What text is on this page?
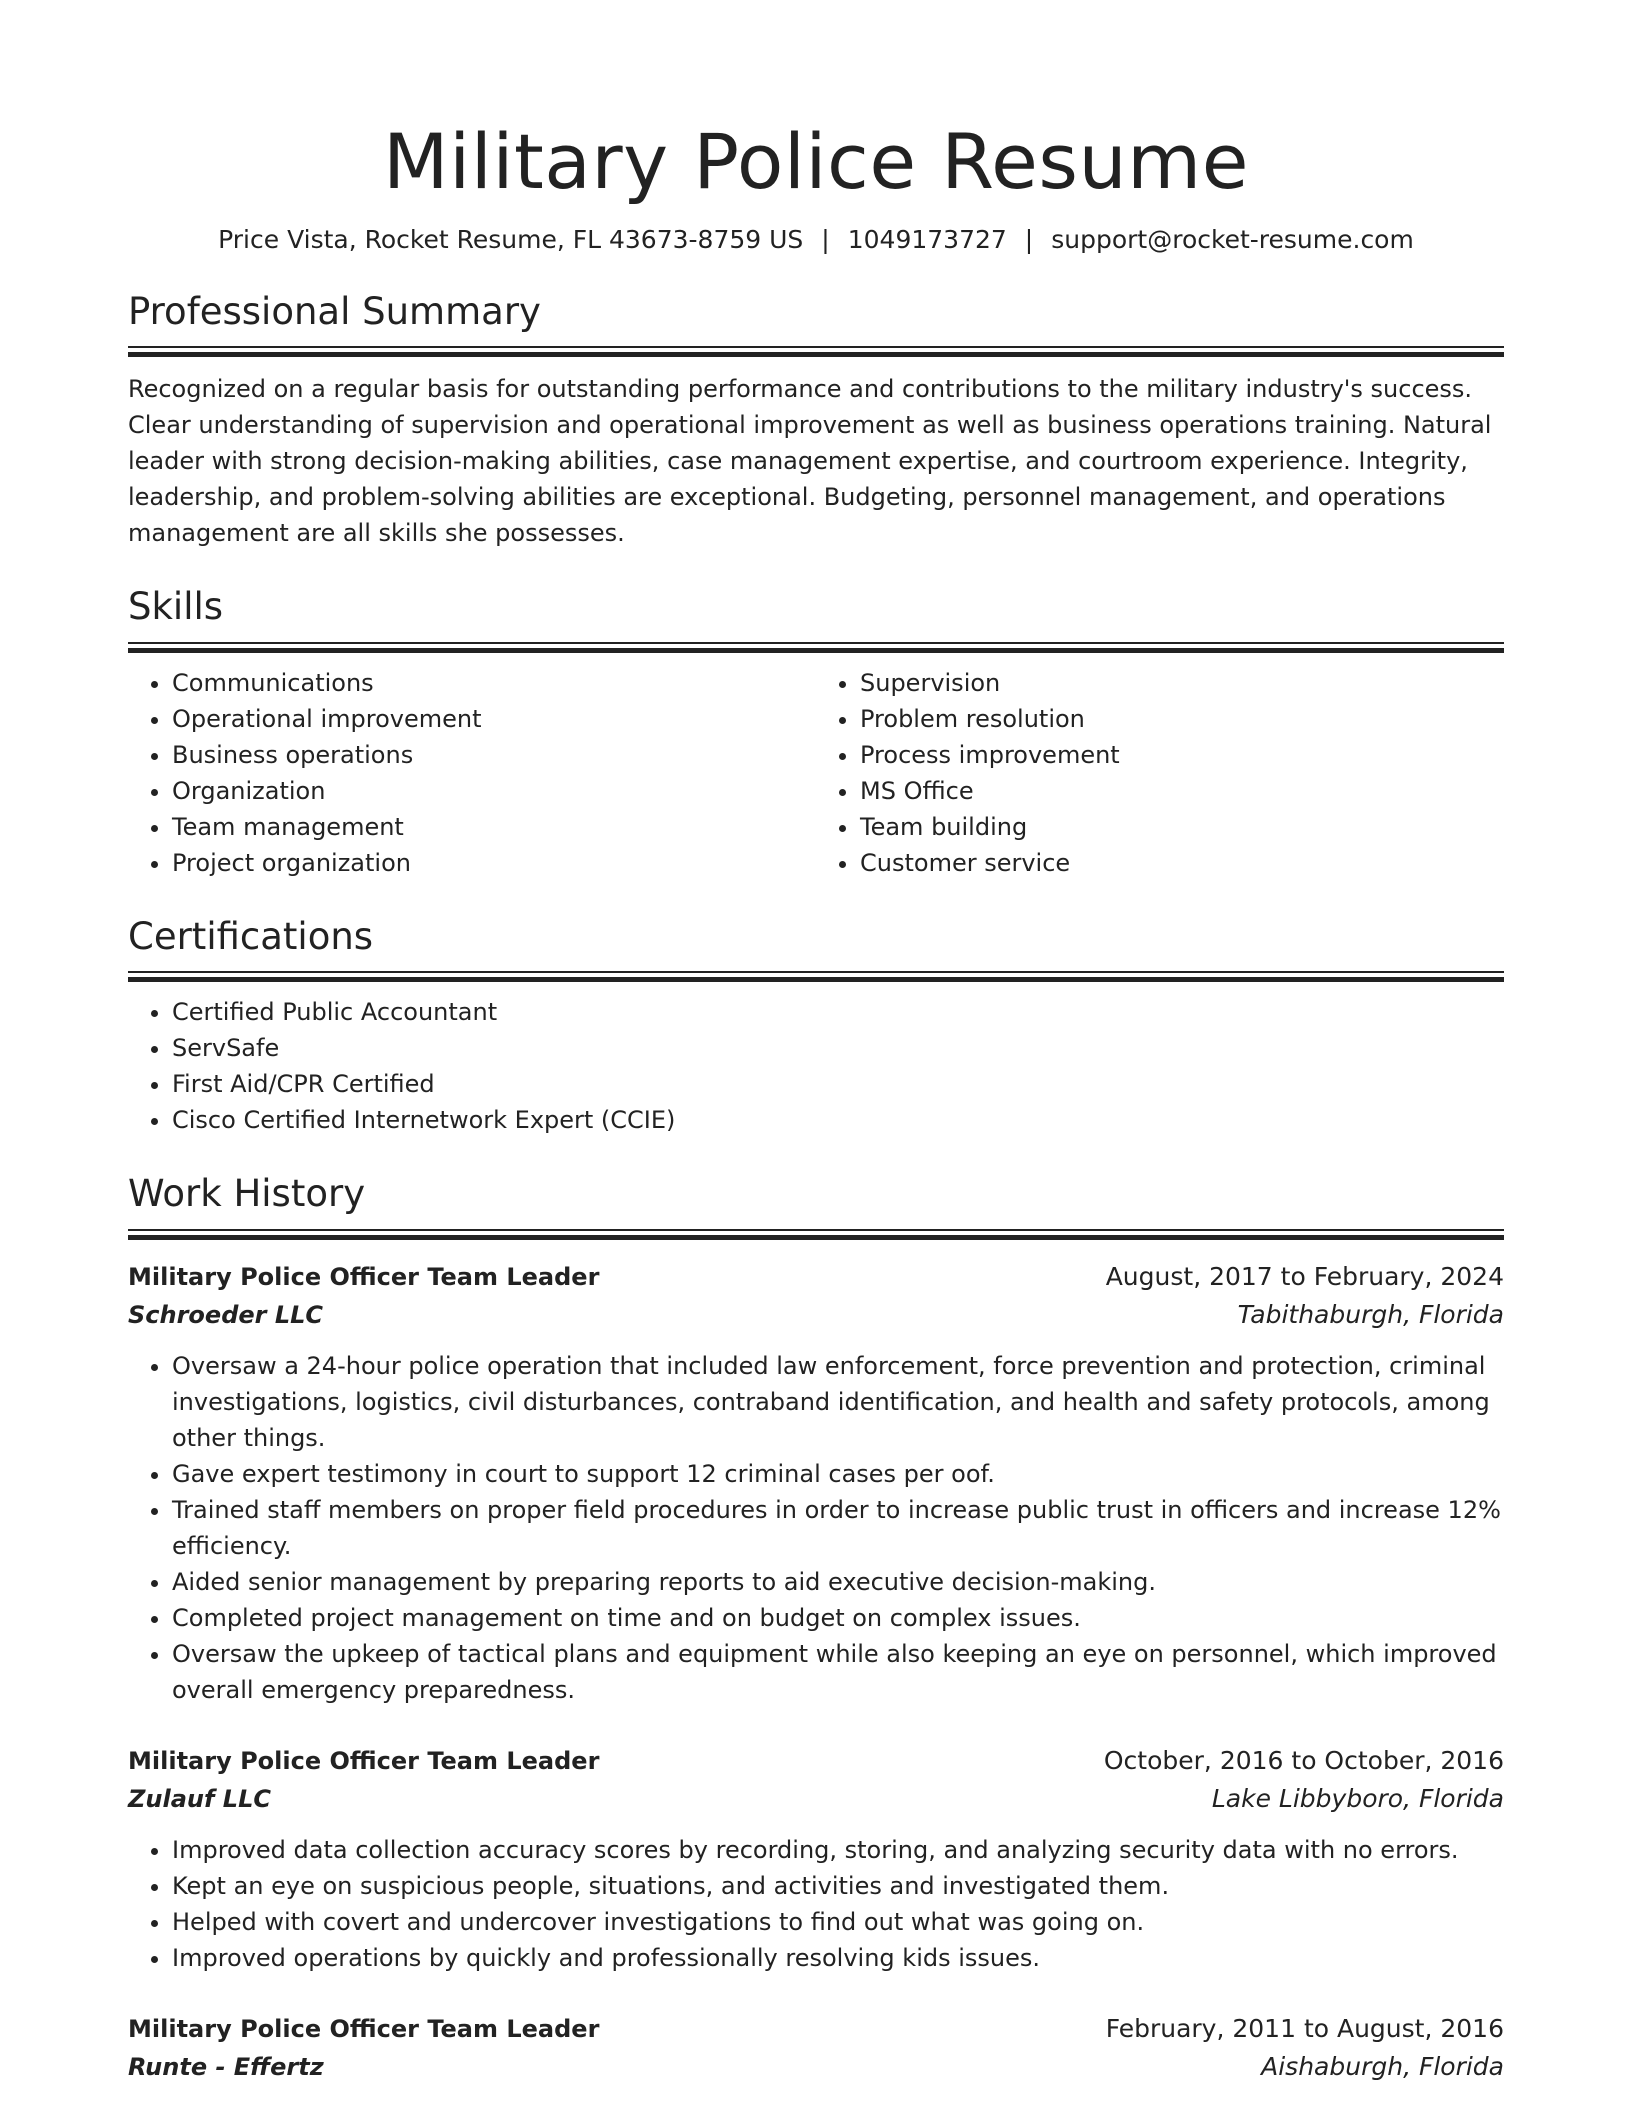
Military Police Resume
Price Vista, Rocket Resume, FL 43673-8759 US | 1049173727 | support@rocket-resume.com
Professional Summary
Recognized on a regular basis for outstanding performance and contributions to the military industry's success. Clear understanding of supervision and operational improvement as well as business operations training. Natural leader with strong decision-making abilities, case management expertise, and courtroom experience. Integrity, leadership, and problem-solving abilities are exceptional. Budgeting, personnel management, and operations management are all skills she possesses.
Skills
• Communications
• Operational improvement
• Business operations
• Organization
• Team management
• Project organization
• Supervision
• Problem resolution
• Process improvement
• MS Office
• Team building
• Customer service
Certifications
• Certified Public Accountant
• ServSafe
• First Aid/CPR Certified
• Cisco Certified Internetwork Expert (CCIE)
Work History
Military Police Officer Team Leader	August, 2017 to February, 2024
Schroeder LLC	Tabithaburgh, Florida
• Oversaw a 24-hour police operation that included law enforcement, force prevention and protection, criminal investigations, logistics, civil disturbances, contraband identification, and health and safety protocols, among other things.
• Gave expert testimony in court to support 12 criminal cases per oof.
• Trained staff members on proper field procedures in order to increase public trust in officers and increase 12% efficiency.
• Aided senior management by preparing reports to aid executive decision-making.
• Completed project management on time and on budget on complex issues.
• Oversaw the upkeep of tactical plans and equipment while also keeping an eye on personnel, which improved overall emergency preparedness.
Military Police Officer Team Leader	October, 2016 to October, 2016
Zulauf LLC	Lake Libbyboro, Florida
• Improved data collection accuracy scores by recording, storing, and analyzing security data with no errors.
• Kept an eye on suspicious people, situations, and activities and investigated them.
• Helped with covert and undercover investigations to find out what was going on.
• Improved operations by quickly and professionally resolving kids issues.
Military Police Officer Team Leader	February, 2011 to August, 2016
Runte - Effertz	Aishaburgh, Florida
